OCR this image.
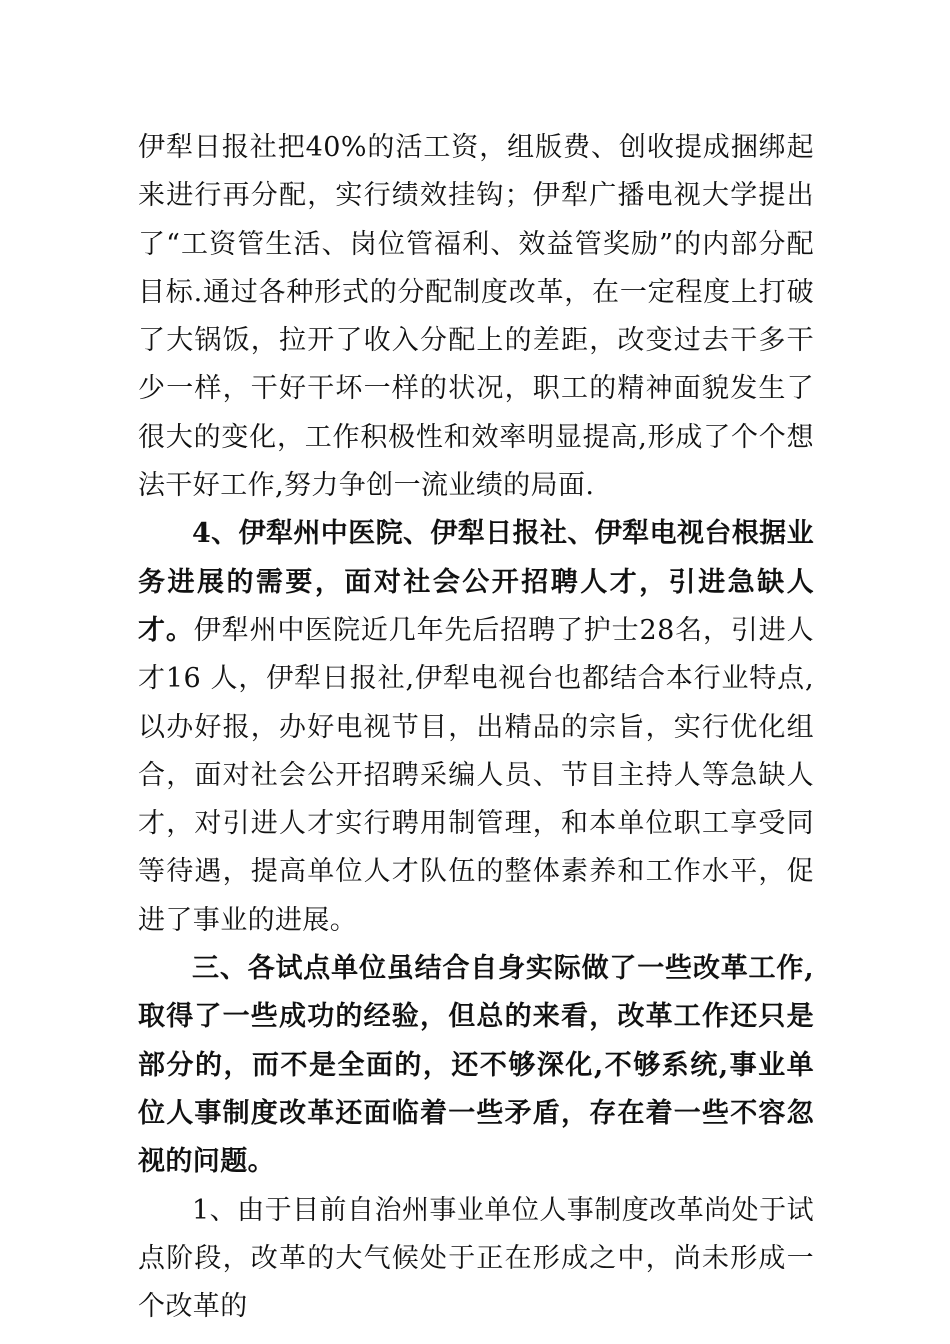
伊犁日报社把40%的活工资，组版费、创收提成捆绑起来进行再分配，实行绩效挂钩；伊犁广播电视大学提出了“工资管生活、岗位管福利、效益管奖励”的内部分配目标.通过各种形式的分配制度改革，在一定程度上打破了大锅饭，拉开了收入分配上的差距，改变过去干多干少一样，干好干坏一样的状况，职工的精神面貌发生了很大的变化，工作积极性和效率明显提高,形成了个个想法干好工作,努力争创一流业绩的局面.

4、伊犁州中医院、伊犁日报社、伊犁电视台根据业务进展的需要，面对社会公开招聘人才，引进急缺人才。伊犁州中医院近几年先后招聘了护士28名，引进人才16 人，伊犁日报社,伊犁电视台也都结合本行业特点,以办好报，办好电视节目，出精品的宗旨，实行优化组合，面对社会公开招聘采编人员、节目主持人等急缺人才，对引进人才实行聘用制管理，和本单位职工享受同等待遇，提高单位人才队伍的整体素养和工作水平，促进了事业的进展。

三、各试点单位虽结合自身实际做了一些改革工作,取得了一些成功的经验，但总的来看，改革工作还只是部分的，而不是全面的，还不够深化,不够系统,事业单位人事制度改革还面临着一些矛盾，存在着一些不容忽视的问题。

1、由于目前自治州事业单位人事制度改革尚处于试点阶段，改革的大气候处于正在形成之中，尚未形成一个改革的
